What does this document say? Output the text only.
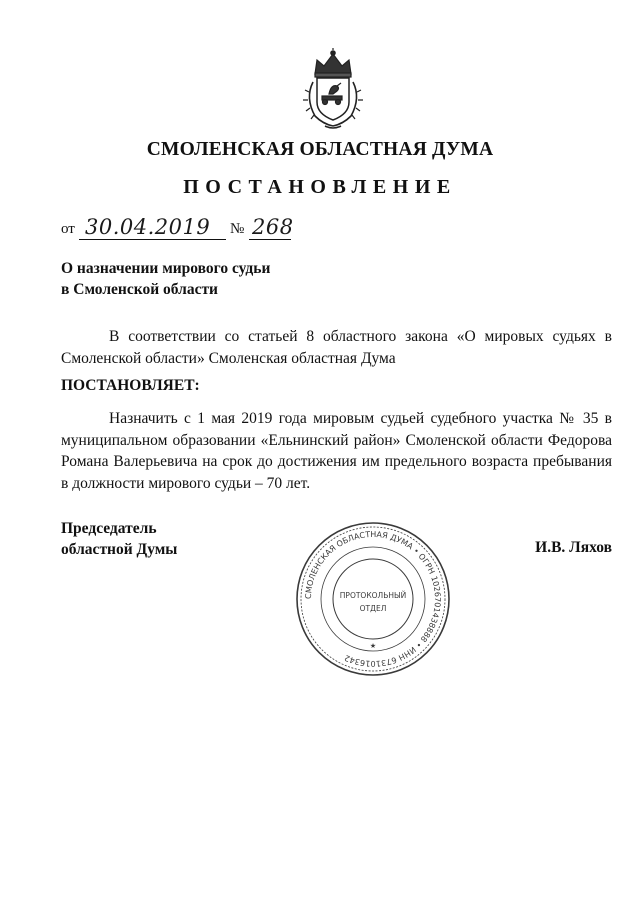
СМОЛЕНСКАЯ ОБЛАСТНАЯ ДУМА
ПОСТАНОВЛЕНИЕ
от 30.04.2019 № 268
О назначении мирового судьи
в Смоленской области
В соответствии со статьей 8 областного закона «О мировых судьях в Смоленской области» Смоленская областная Дума
ПОСТАНОВЛЯЕТ:
Назначить с 1 мая 2019 года мировым судьей судебного участка № 35 в муниципальном образовании «Ельнинский район» Смоленской области Федорова Романа Валерьевича на срок до достижения им предельного возраста пребывания в должности мирового судьи – 70 лет.
Председатель
областной Думы	И.В. Ляхов
СМОЛЕНСКАЯ ОБЛАСТНАЯ ДУМА • ОГРН 1026701438888 • ИНН 6731016342
ПРОТОКОЛЬНЫЙ
ОТДЕЛ
★
